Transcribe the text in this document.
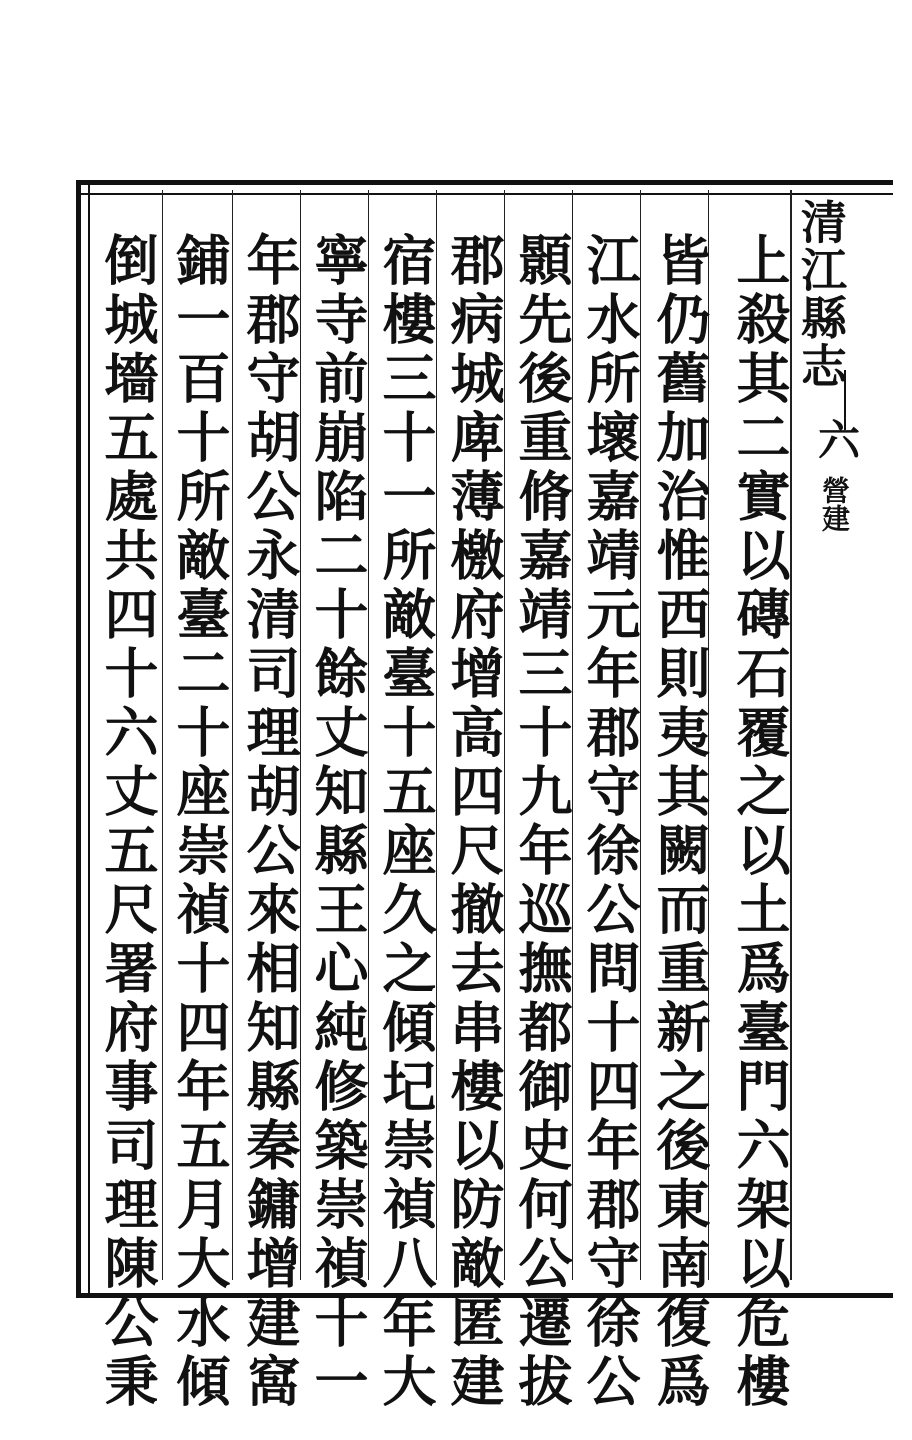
清江縣志
六
營建
上殺其二實以磚石覆之以土爲臺門六架以危樓
皆仍舊加治惟西則夷其闕而重新之後東南復爲
江水所壞嘉靖元年郡守徐公問十四年郡守徐公
顥先後重脩嘉靖三十九年巡撫都御史何公遷拔
郡病城庳薄檄府增高四尺撤去串樓以防敵匿建
宿樓三十一所敵臺十五座久之傾圮崇禎八年大
寧寺前崩陷二十餘丈知縣王心純修築崇禎十一
年郡守胡公永清司理胡公來相知縣秦鏞增建窩
鋪一百十所敵臺二十座崇禎十四年五月大水傾
倒城墻五處共四十六丈五尺署府事司理陳公秉
